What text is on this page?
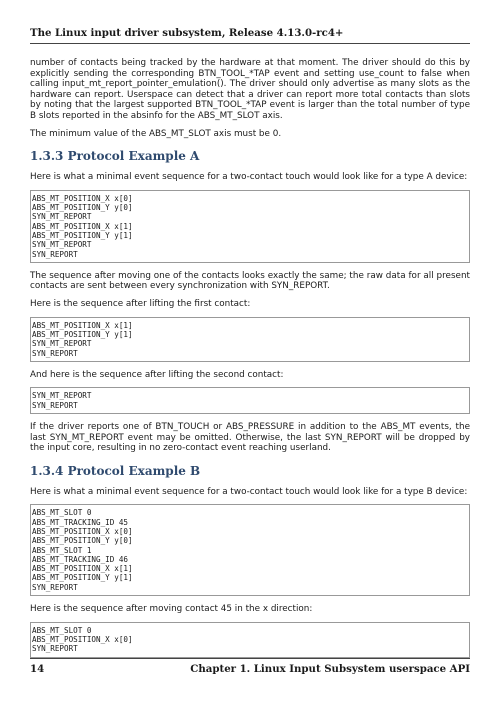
The Linux input driver subsystem, Release 4.13.0-rc4+

number of contacts being tracked by the hardware at that moment. The driver should do this by explicitly sending the corresponding BTN_TOOL_*TAP event and setting use_count to false when calling input_mt_report_pointer_emulation(). The driver should only advertise as many slots as the hardware can report. Userspace can detect that a driver can report more total contacts than slots by noting that the largest supported BTN_TOOL_*TAP event is larger than the total number of type B slots reported in the absinfo for the ABS_MT_SLOT axis.

The minimum value of the ABS_MT_SLOT axis must be 0.

1.3.3 Protocol Example A

Here is what a minimal event sequence for a two-contact touch would look like for a type A device:

ABS_MT_POSITION_X x[0]
ABS_MT_POSITION_Y y[0]
SYN_MT_REPORT
ABS_MT_POSITION_X x[1]
ABS_MT_POSITION_Y y[1]
SYN_MT_REPORT
SYN_REPORT

The sequence after moving one of the contacts looks exactly the same; the raw data for all present contacts are sent between every synchronization with SYN_REPORT.

Here is the sequence after lifting the first contact:

ABS_MT_POSITION_X x[1]
ABS_MT_POSITION_Y y[1]
SYN_MT_REPORT
SYN_REPORT

And here is the sequence after lifting the second contact:

SYN_MT_REPORT
SYN_REPORT

If the driver reports one of BTN_TOUCH or ABS_PRESSURE in addition to the ABS_MT events, the last SYN_MT_REPORT event may be omitted. Otherwise, the last SYN_REPORT will be dropped by the input core, resulting in no zero-contact event reaching userland.

1.3.4 Protocol Example B

Here is what a minimal event sequence for a two-contact touch would look like for a type B device:

ABS_MT_SLOT 0
ABS_MT_TRACKING_ID 45
ABS_MT_POSITION_X x[0]
ABS_MT_POSITION_Y y[0]
ABS_MT_SLOT 1
ABS_MT_TRACKING_ID 46
ABS_MT_POSITION_X x[1]
ABS_MT_POSITION_Y y[1]
SYN_REPORT

Here is the sequence after moving contact 45 in the x direction:

ABS_MT_SLOT 0
ABS_MT_POSITION_X x[0]
SYN_REPORT
14	Chapter 1. Linux Input Subsystem userspace API
